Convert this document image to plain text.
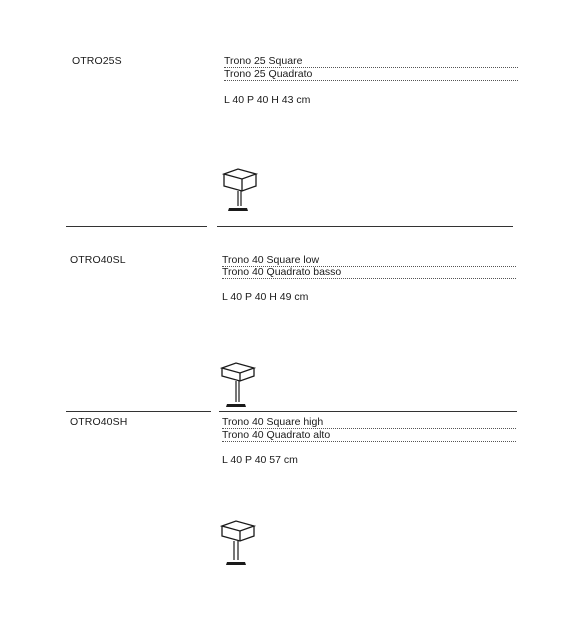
OTRO25S	Trono 25 Square
Trono 25 Quadrato
L 40 P 40 H 43 cm
OTRO40SL	Trono 40 Square low
Trono 40 Quadrato basso
L 40 P 40 H 49 cm
OTRO40SH	Trono 40 Square high
Trono 40 Quadrato alto
L 40 P 40 57 cm
